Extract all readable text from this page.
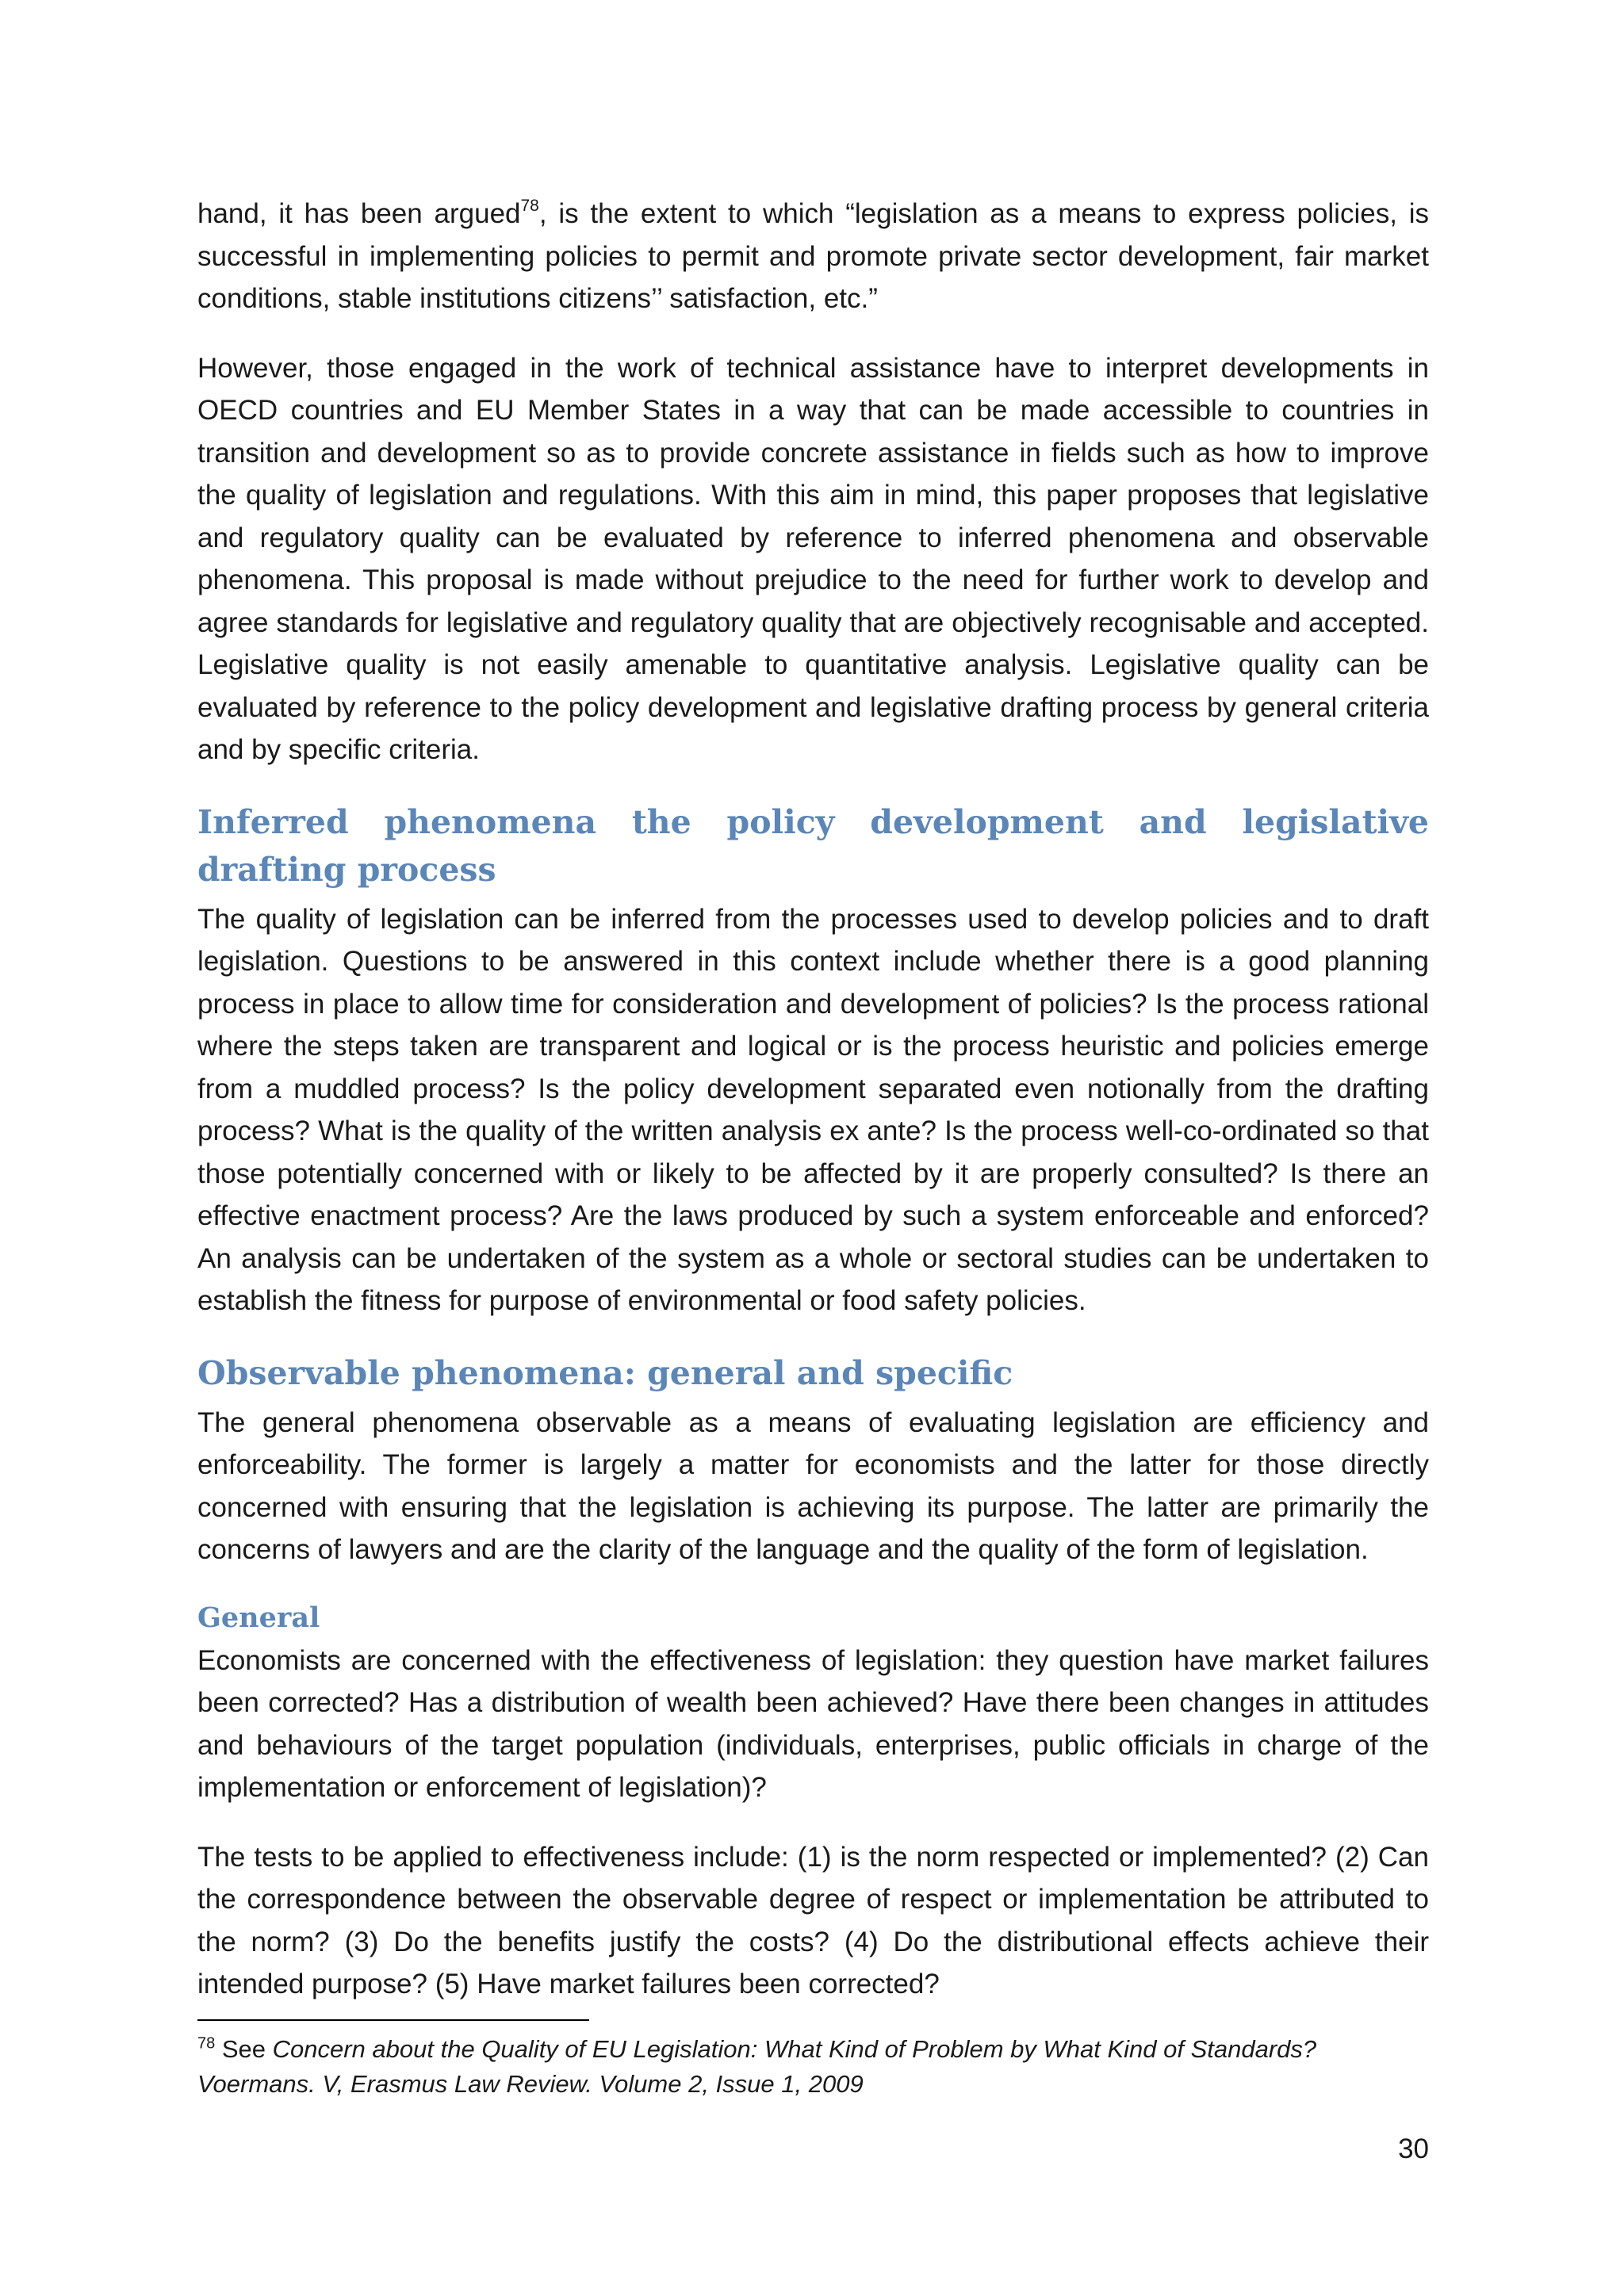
hand, it has been argued$^{78}$, is the extent to which “legislation as a means to express policies, is successful in implementing policies to permit and promote private sector development, fair market conditions, stable institutions citizens’’ satisfaction, etc.”

However, those engaged in the work of technical assistance have to interpret developments in OECD countries and EU Member States in a way that can be made accessible to countries in transition and development so as to provide concrete assistance in fields such as how to improve the quality of legislation and regulations. With this aim in mind, this paper proposes that legislative and regulatory quality can be evaluated by reference to inferred phenomena and observable phenomena. This proposal is made without prejudice to the need for further work to develop and agree standards for legislative and regulatory quality that are objectively recognisable and accepted. Legislative quality is not easily amenable to quantitative analysis. Legislative quality can be evaluated by reference to the policy development and legislative drafting process by general criteria and by specific criteria.

Inferred phenomena the policy development and legislative drafting process

The quality of legislation can be inferred from the processes used to develop policies and to draft legislation. Questions to be answered in this context include whether there is a good planning process in place to allow time for consideration and development of policies? Is the process rational where the steps taken are transparent and logical or is the process heuristic and policies emerge from a muddled process? Is the policy development separated even notionally from the drafting process? What is the quality of the written analysis ex ante? Is the process well-co-ordinated so that those potentially concerned with or likely to be affected by it are properly consulted? Is there an effective enactment process? Are the laws produced by such a system enforceable and enforced? An analysis can be undertaken of the system as a whole or sectoral studies can be undertaken to establish the fitness for purpose of environmental or food safety policies.

Observable phenomena: general and specific

The general phenomena observable as a means of evaluating legislation are efficiency and enforceability. The former is largely a matter for economists and the latter for those directly concerned with ensuring that the legislation is achieving its purpose. The latter are primarily the concerns of lawyers and are the clarity of the language and the quality of the form of legislation.

General

Economists are concerned with the effectiveness of legislation: they question have market failures been corrected? Has a distribution of wealth been achieved? Have there been changes in attitudes and behaviours of the target population (individuals, enterprises, public officials in charge of the implementation or enforcement of legislation)?

The tests to be applied to effectiveness include: (1) is the norm respected or implemented? (2) Can the correspondence between the observable degree of respect or implementation be attributed to the norm? (3) Do the benefits justify the costs? (4) Do the distributional effects achieve their intended purpose? (5) Have market failures been corrected?

$^{78}$ See Concern about the Quality of EU Legislation: What Kind of Problem by What Kind of Standards?
Voermans. V, Erasmus Law Review. Volume 2, Issue 1, 2009
30
